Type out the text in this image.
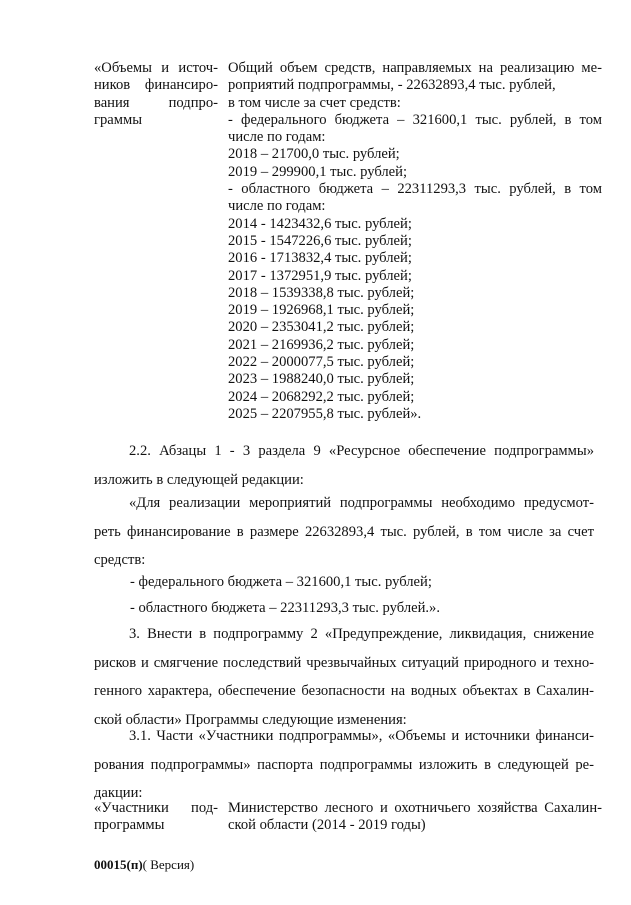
«Объемы и источ-
ников финансиро-
вания подпро-
граммы
Общий объем средств, направляемых на реализацию ме-
роприятий подпрограммы, - 22632893,4 тыс. рублей,
в том числе за счет средств:
- федерального бюджета – 321600,1 тыс. рублей, в том
числе по годам:
2018 – 21700,0 тыс. рублей;
2019 – 299900,1 тыс. рублей;
- областного бюджета – 22311293,3 тыс. рублей, в том
числе по годам:
2014 - 1423432,6 тыс. рублей;
2015 - 1547226,6 тыс. рублей;
2016 - 1713832,4 тыс. рублей;
2017 - 1372951,9 тыс. рублей;
2018 – 1539338,8 тыс. рублей;
2019 – 1926968,1 тыс. рублей;
2020 – 2353041,2 тыс. рублей;
2021 – 2169936,2 тыс. рублей;
2022 – 2000077,5 тыс. рублей;
2023 – 1988240,0 тыс. рублей;
2024 – 2068292,2 тыс. рублей;
2025 – 2207955,8 тыс. рублей».
2.2. Абзацы 1 - 3 раздела 9 «Ресурсное обеспечение подпрограммы»
изложить в следующей редакции:
«Для реализации мероприятий подпрограммы необходимо предусмот-
реть финансирование в размере 22632893,4 тыс. рублей, в том числе за счет
средств:
- федерального бюджета – 321600,1 тыс. рублей;
- областного бюджета – 22311293,3 тыс. рублей.».
3. Внести в подпрограмму 2 «Предупреждение, ликвидация, снижение
рисков и смягчение последствий чрезвычайных ситуаций природного и техно-
генного характера, обеспечение безопасности на водных объектах в Сахалин-
ской области» Программы следующие изменения:
3.1. Части «Участники подпрограммы», «Объемы и источники финанси-
рования подпрограммы» паспорта подпрограммы изложить в следующей ре-
дакции:
«Участники под-
программы
Министерство лесного и охотничьего хозяйства Сахалин-
ской области (2014 - 2019 годы)
00015(п)( Версия)
